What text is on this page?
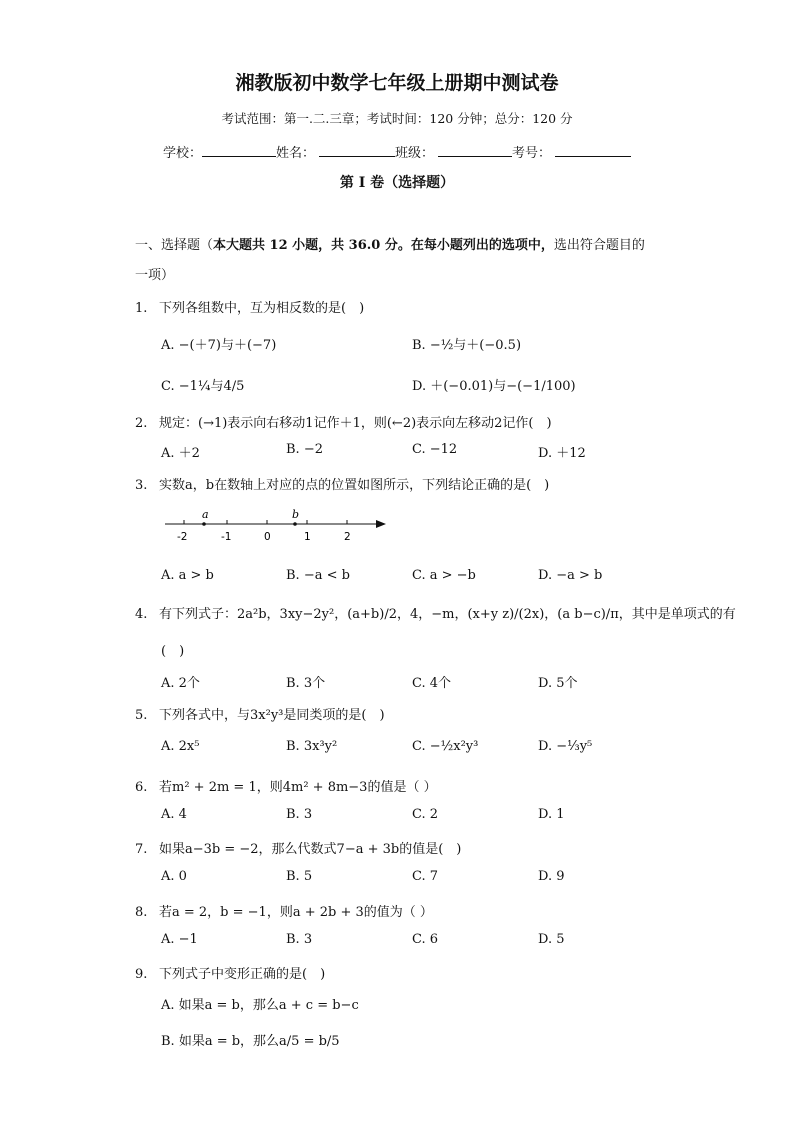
湘教版初中数学七年级上册期中测试卷
考试范围：第一.二.三章；考试时间：120 分钟；总分：120 分
学校：	姓名：	班级：	考号：
第 I 卷（选择题）
一、选择题（本大题共 12 小题，共 36.0 分。在每小题列出的选项中，选出符合题目的
一项）
1. 下列各组数中，互为相反数的是(　)
A. −(＋7)与＋(−7)	B. −½与＋(−0.5)
C. −1¼与4/5	D. ＋(−0.01)与−(−1/100)
2. 规定：(→1)表示向右移动1记作＋1，则(←2)表示向左移动2记作(　)
A. ＋2	B. −2	C. −12	D. ＋12
3. 实数a，b在数轴上对应的点的位置如图所示，下列结论正确的是(　)
a	b
-2	-1	0	1	2
A. a > b	B. −a < b	C. a > −b	D. −a > b
4. 有下列式子：2a²b，3xy−2y²，(a+b)/2，4，−m，(x+y z)/(2x)，(a b−c)/π，其中是单项式的有
(　)
A. 2个	B. 3个	C. 4个	D. 5个
5. 下列各式中，与3x²y³是同类项的是(　)
A. 2x⁵	B. 3x³y²	C. −½x²y³	D. −⅓y⁵
6. 若m² + 2m = 1，则4m² + 8m−3的值是（ ）
A. 4	B. 3	C. 2	D. 1
7. 如果a−3b = −2，那么代数式7−a + 3b的值是(　)
A. 0	B. 5	C. 7	D. 9
8. 若a = 2，b = −1，则a + 2b + 3的值为（ ）
A. −1	B. 3	C. 6	D. 5
9. 下列式子中变形正确的是(　)
A. 如果a = b，那么a + c = b−c
B. 如果a = b，那么a/5 = b/5
